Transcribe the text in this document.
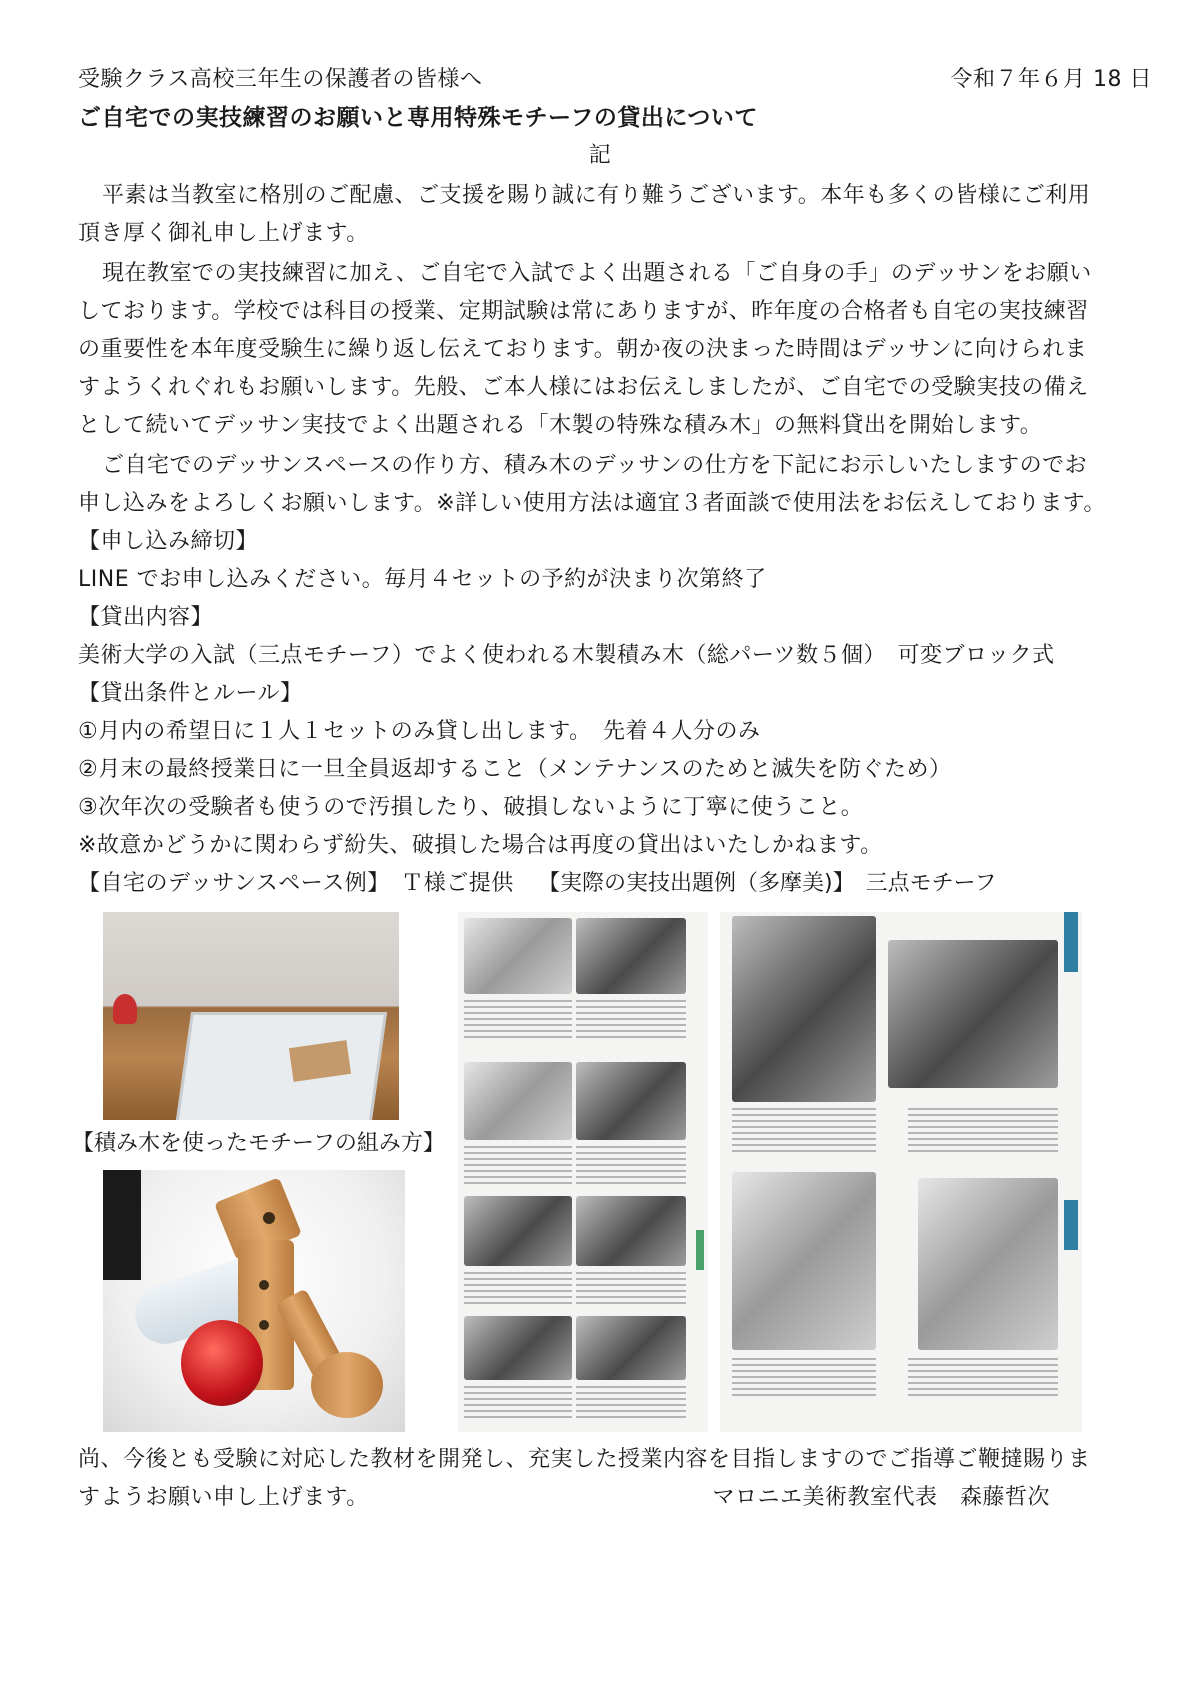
受験クラス高校三年生の保護者の皆様へ	令和７年６月 18 日
ご自宅での実技練習のお願いと専用特殊モチーフの貸出について
記
平素は当教室に格別のご配慮、ご支援を賜り誠に有り難うございます。本年も多くの皆様にご利用
頂き厚く御礼申し上げます。
現在教室での実技練習に加え、ご自宅で入試でよく出題される「ご自身の手」のデッサンをお願い
しております。学校では科目の授業、定期試験は常にありますが、昨年度の合格者も自宅の実技練習
の重要性を本年度受験生に繰り返し伝えております。朝か夜の決まった時間はデッサンに向けられま
すようくれぐれもお願いします。先般、ご本人様にはお伝えしましたが、ご自宅での受験実技の備え
として続いてデッサン実技でよく出題される「木製の特殊な積み木」の無料貸出を開始します。
ご自宅でのデッサンスペースの作り方、積み木のデッサンの仕方を下記にお示しいたしますのでお
申し込みをよろしくお願いします。※詳しい使用方法は適宜３者面談で使用法をお伝えしております。
【申し込み締切】
LINE でお申し込みください。毎月４セットの予約が決まり次第終了
【貸出内容】
美術大学の入試（三点モチーフ）でよく使われる木製積み木（総パーツ数５個）　可変ブロック式
【貸出条件とルール】
①月内の希望日に１人１セットのみ貸し出します。　先着４人分のみ
②月末の最終授業日に一旦全員返却すること（メンテナンスのためと滅失を防ぐため）
③次年次の受験者も使うので汚損したり、破損しないように丁寧に使うこと。
※故意かどうかに関わらず紛失、破損した場合は再度の貸出はいたしかねます。
【自宅のデッサンスペース例】　Ｔ様ご提供 【実際の実技出題例（多摩美)】　三点モチーフ
【積み木を使ったモチーフの組み方】
尚、今後とも受験に対応した教材を開発し、充実した授業内容を目指しますのでご指導ご鞭撻賜りま
すようお願い申し上げます。	マロニエ美術教室代表　森藤哲次
